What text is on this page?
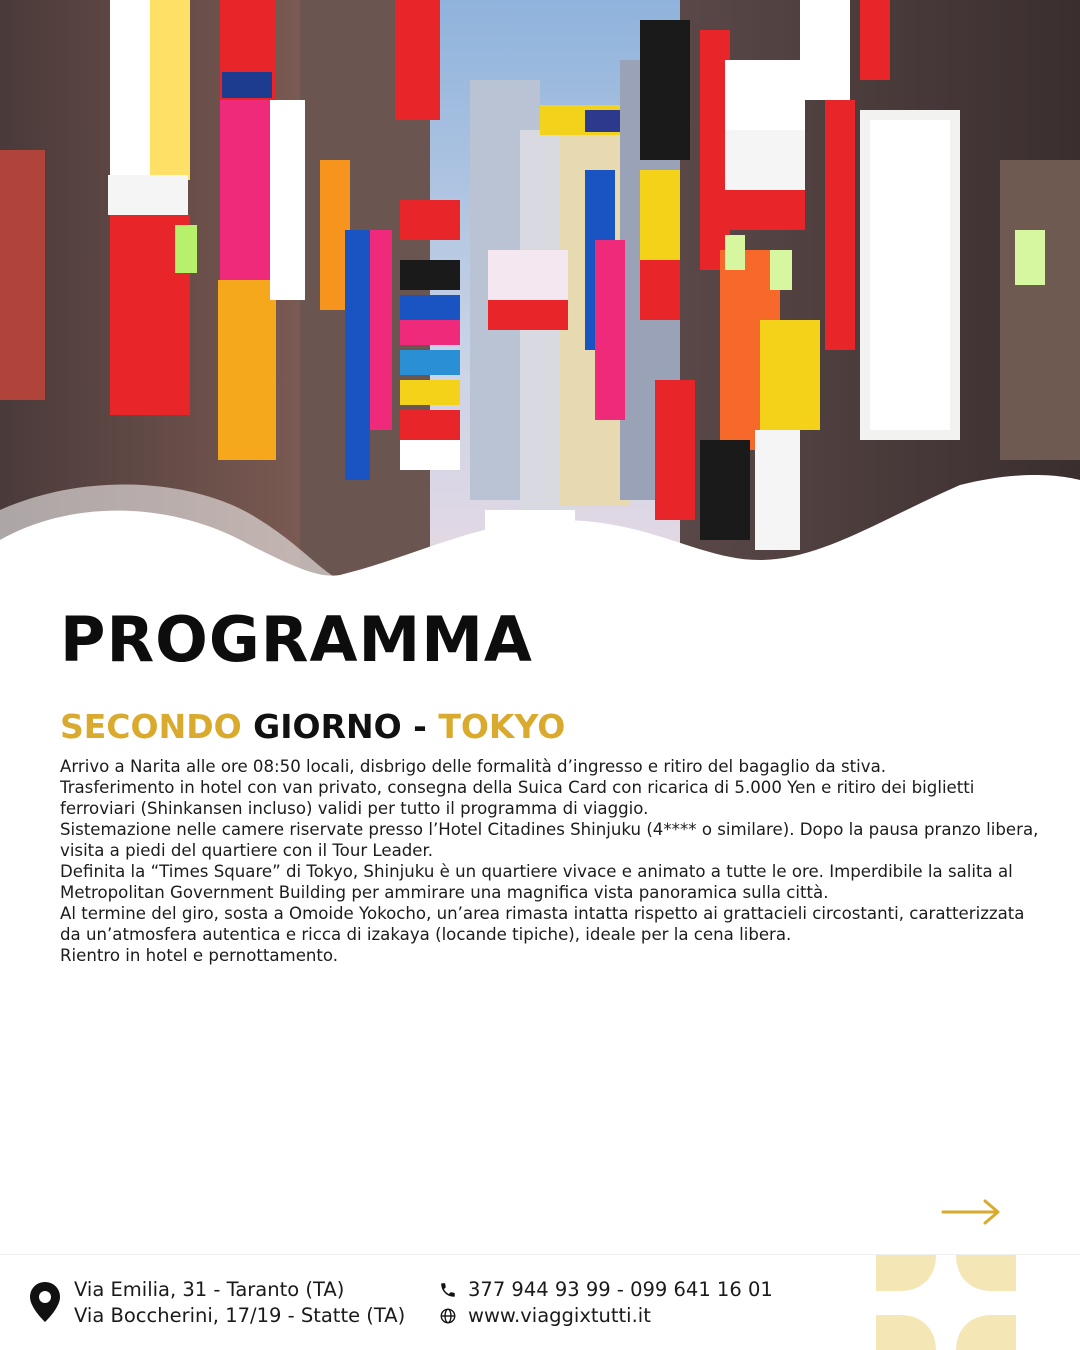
PROGRAMMA
SECONDO GIORNO - TOKYO

Arrivo a Narita alle ore 08:50 locali, disbrigo delle formalità d’ingresso e ritiro del bagaglio da stiva.

Trasferimento in hotel con van privato, consegna della Suica Card con ricarica di 5.000 Yen e ritiro dei biglietti ferroviari (Shinkansen incluso) validi per tutto il programma di viaggio.

Sistemazione nelle camere riservate presso l’Hotel Citadines Shinjuku (4**** o similare). Dopo la pausa pranzo libera, visita a piedi del quartiere con il Tour Leader.

Definita la “Times Square” di Tokyo, Shinjuku è un quartiere vivace e animato a tutte le ore. Imperdibile la salita al Metropolitan Government Building per ammirare una magnifica vista panoramica sulla città.

Al termine del giro, sosta a Omoide Yokocho, un’area rimasta intatta rispetto ai grattacieli circostanti, caratterizzata da un’atmosfera autentica e ricca di izakaya (locande tipiche), ideale per la cena libera.

Rientro in hotel e pernottamento.

Via Emilia, 31 - Taranto (TA)
Via Boccherini, 17/19 - Statte (TA)
377 944 93 99 - 099 641 16 01
www.viaggixtutti.it
